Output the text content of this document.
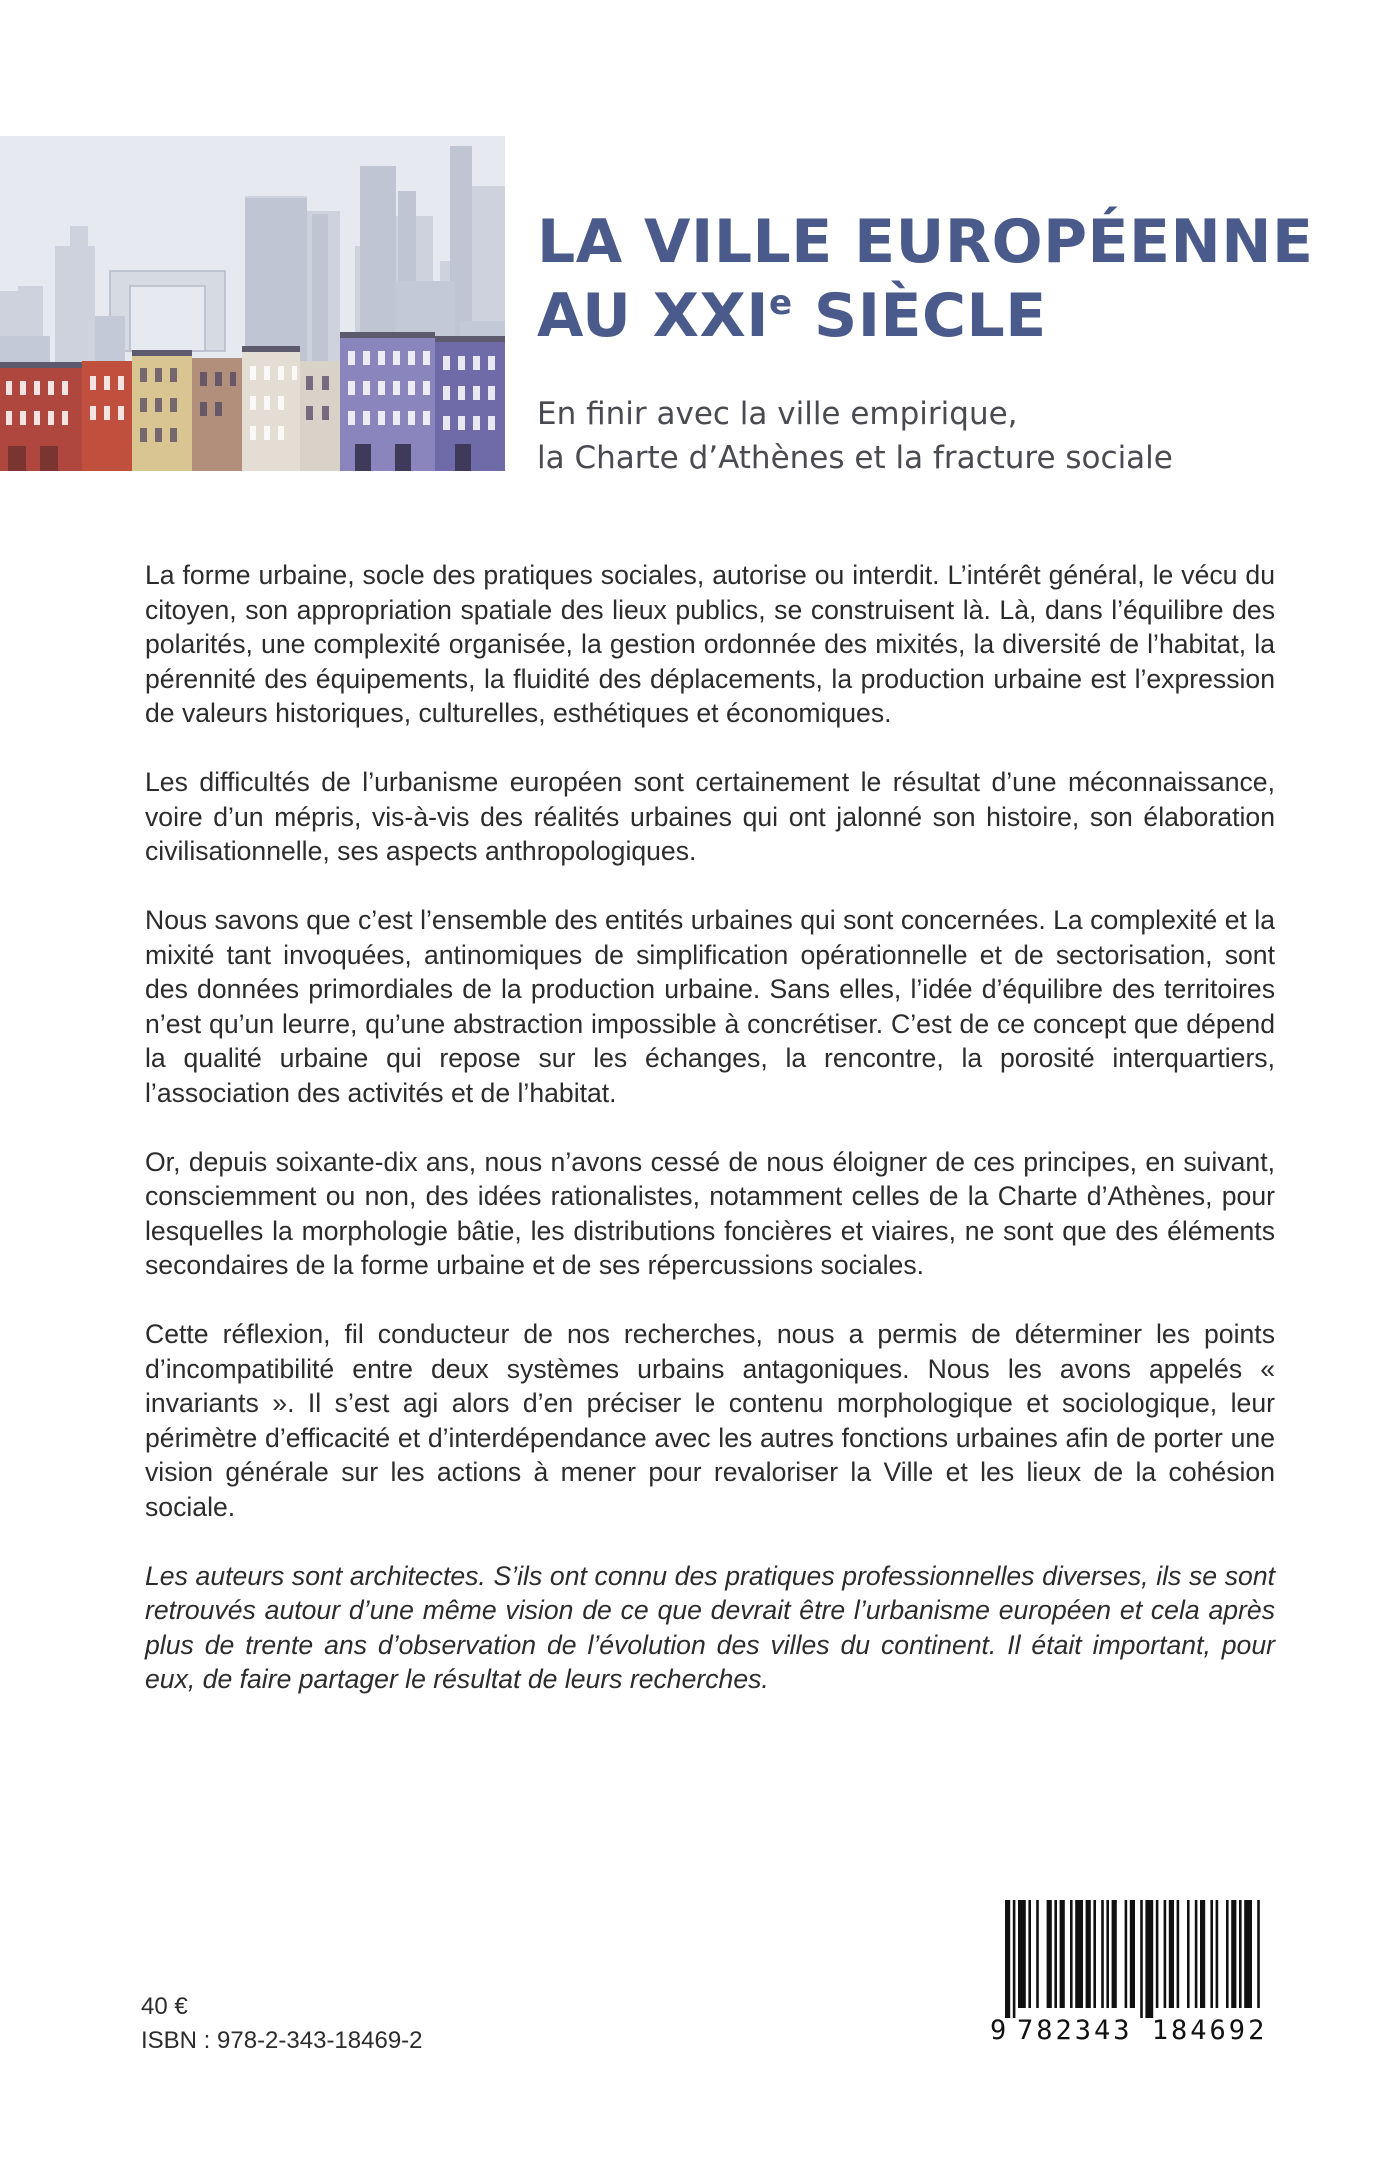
LA VILLE EUROPÉENNE
AU XXIe SIÈCLE
En finir avec la ville empirique,
la Charte d’Athènes et la fracture sociale

La forme urbaine, socle des pratiques sociales, autorise ou interdit. L’intérêt général, le vécu du citoyen, son appropriation spatiale des lieux publics, se construisent là. Là, dans l’équilibre des polarités, une complexité organisée, la gestion ordonnée des mixités, la diversité de l’habitat, la pérennité des équipements, la fluidité des déplacements, la production urbaine est l’expression de valeurs historiques, culturelles, esthétiques et économiques.

Les difficultés de l’urbanisme européen sont certainement le résultat d’une méconnaissance, voire d’un mépris, vis-à-vis des réalités urbaines qui ont jalonné son histoire, son élaboration civilisationnelle, ses aspects anthropologiques.

Nous savons que c’est l’ensemble des entités urbaines qui sont concernées. La complexité et la mixité tant invoquées, antinomiques de simplification opérationnelle et de sectorisation, sont des données primordiales de la production urbaine. Sans elles, l’idée d’équilibre des territoires n’est qu’un leurre, qu’une abstraction impossible à concrétiser. C’est de ce concept que dépend la qualité urbaine qui repose sur les échanges, la rencontre, la porosité interquartiers, l’association des activités et de l’habitat.

Or, depuis soixante-dix ans, nous n’avons cessé de nous éloigner de ces principes, en suivant, consciemment ou non, des idées rationalistes, notamment celles de la Charte d’Athènes, pour lesquelles la morphologie bâtie, les distributions foncières et viaires, ne sont que des éléments secondaires de la forme urbaine et de ses répercussions sociales.

Cette réflexion, fil conducteur de nos recherches, nous a permis de déterminer les points d’incompatibilité entre deux systèmes urbains antagoniques. Nous les avons appelés « invariants ». Il s’est agi alors d’en préciser le contenu morphologique et sociologique, leur périmètre d’efficacité et d’interdépendance avec les autres fonctions urbaines afin de porter une vision générale sur les actions à mener pour revaloriser la Ville et les lieux de la cohésion sociale.

Les auteurs sont architectes. S’ils ont connu des pratiques professionnelles diverses, ils se sont retrouvés autour d’une même vision de ce que devrait être l’urbanisme européen et cela après plus de trente ans d’observation de l’évolution des villes du continent. Il était important, pour eux, de faire partager le résultat de leurs recherches.

40 €
ISBN : 978-2-343-18469-2	9 782343 184692
